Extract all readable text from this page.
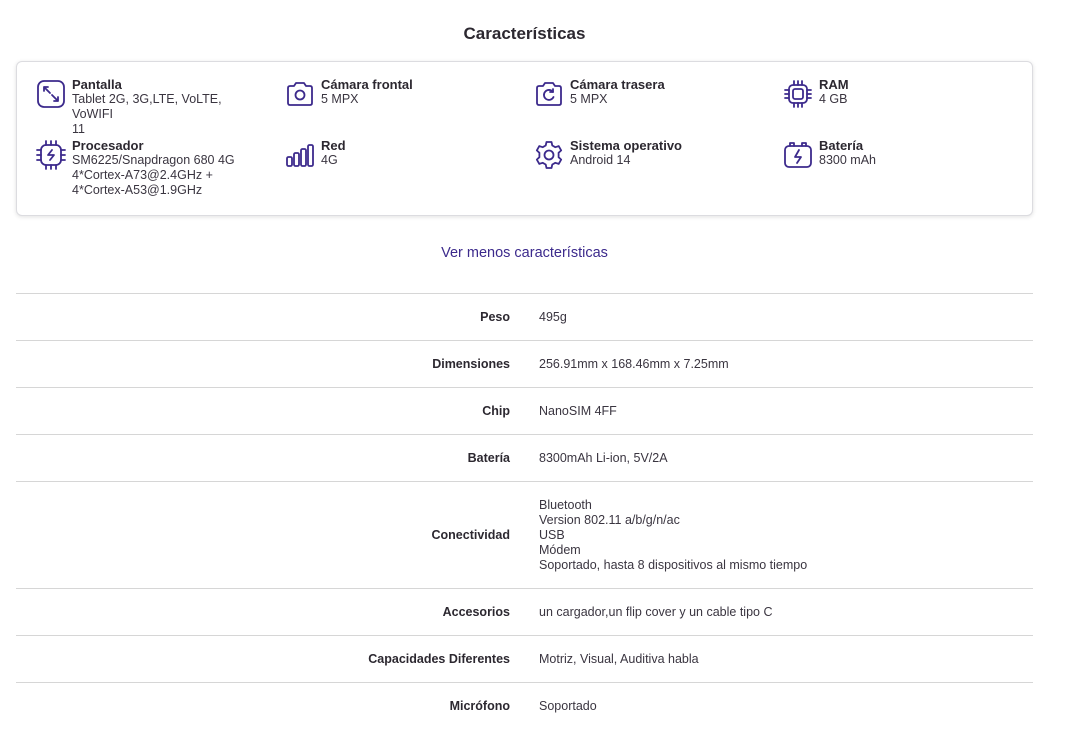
Características
Pantalla
Tablet 2G, 3G,LTE, VoLTE, VoWIFI
11
Cámara frontal
5 MPX
Cámara trasera
5 MPX
RAM
4 GB
Procesador
SM6225/Snapdragon 680 4G
4*Cortex-A73@2.4GHz +
4*Cortex-A53@1.9GHz
Red
4G
Sistema operativo
Android 14
Batería
8300 mAh
Ver menos características
Peso 495g
Dimensiones 256.91mm x 168.46mm x 7.25mm
Chip NanoSIM 4FF
Batería 8300mAh Li-ion, 5V/2A
Conectividad
Bluetooth
Version 802.11 a/b/g/n/ac
USB
Módem
Soportado, hasta 8 dispositivos al mismo tiempo
Accesorios un cargador,un flip cover y un cable tipo C
Capacidades Diferentes Motriz, Visual, Auditiva habla
Micrófono Soportado
